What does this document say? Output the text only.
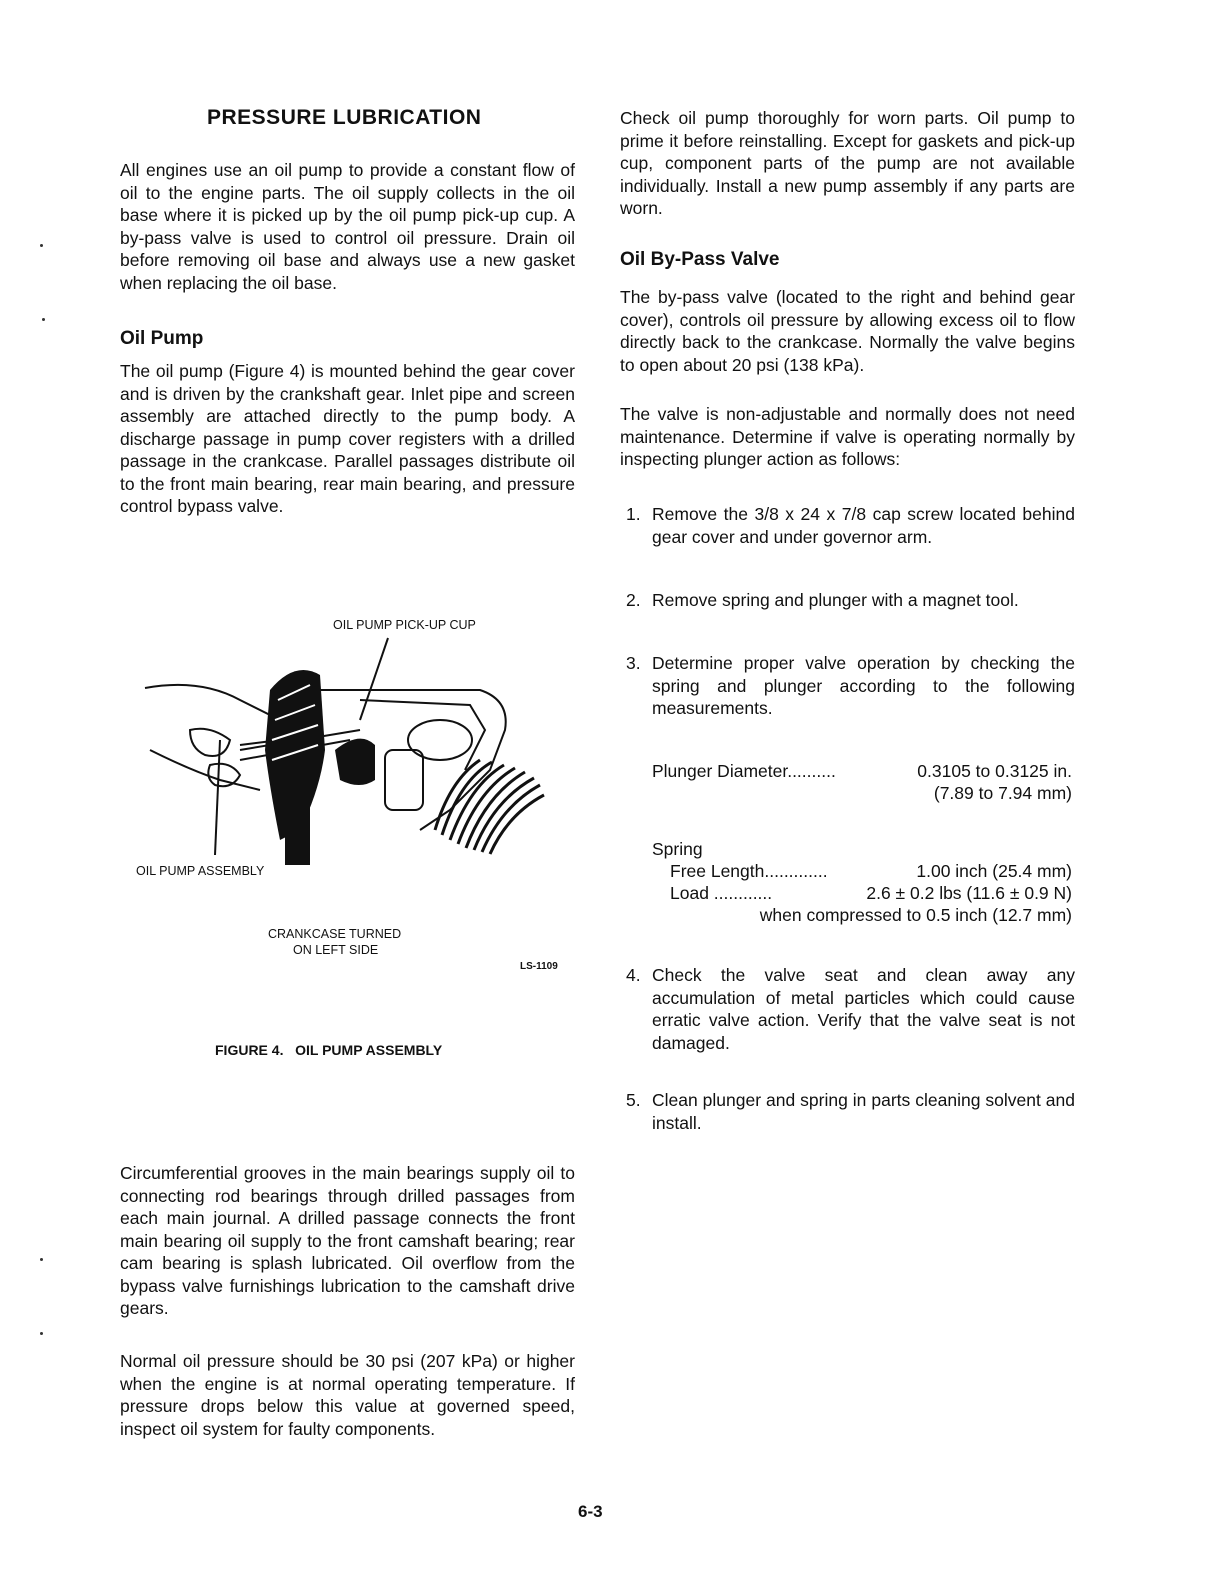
PRESSURE LUBRICATION

All engines use an oil pump to provide a constant flow of oil to the engine parts. The oil supply collects in the oil base where it is picked up by the oil pump pick-up cup. A by-pass valve is used to control oil pressure. Drain oil before removing oil base and always use a new gasket when replacing the oil base.

Oil Pump

The oil pump (Figure 4) is mounted behind the gear cover and is driven by the crankshaft gear. Inlet pipe and screen assembly are attached directly to the pump body. A discharge passage in pump cover registers with a drilled passage in the crankcase. Parallel passages distribute oil to the front main bearing, rear main bearing, and pressure control bypass valve.

OIL PUMP PICK-UP CUP
OIL PUMP ASSEMBLY
CRANKCASE TURNED
ON LEFT SIDE
LS-1109
FIGURE 4.   OIL PUMP ASSEMBLY

Circumferential grooves in the main bearings supply oil to connecting rod bearings through drilled passages from each main journal. A drilled passage connects the front main bearing oil supply to the front camshaft bearing; rear cam bearing is splash lubricated. Oil overflow from the bypass valve furnishings lubrication to the camshaft drive gears.

Normal oil pressure should be 30 psi (207 kPa) or higher when the engine is at normal operating temperature. If pressure drops below this value at governed speed, inspect oil system for faulty components.

Check oil pump thoroughly for worn parts. Oil pump to prime it before reinstalling. Except for gaskets and pick-up cup, component parts of the pump are not available individually. Install a new pump assembly if any parts are worn.

Oil By-Pass Valve

The by-pass valve (located to the right and behind gear cover), controls oil pressure by allowing excess oil to flow directly back to the crankcase. Normally the valve begins to open about 20 psi (138 kPa).

The valve is non-adjustable and normally does not need maintenance. Determine if valve is operating normally by inspecting plunger action as follows:

1. Remove the 3/8 x 24 x 7/8 cap screw located behind gear cover and under governor arm.
2. Remove spring and plunger with a magnet tool.
3. Determine proper valve operation by checking the spring and plunger according to the following measurements.
Plunger Diameter..........	0.3105 to 0.3125 in.
(7.89 to 7.94 mm)
Spring
Free Length.............	1.00 inch (25.4 mm)
Load ............	2.6 ± 0.2 lbs (11.6 ± 0.9 N)
when compressed to 0.5 inch (12.7 mm)
4. Check the valve seat and clean away any accumulation of metal particles which could cause erratic valve action. Verify that the valve seat is not damaged.
5. Clean plunger and spring in parts cleaning solvent and install.
6-3
